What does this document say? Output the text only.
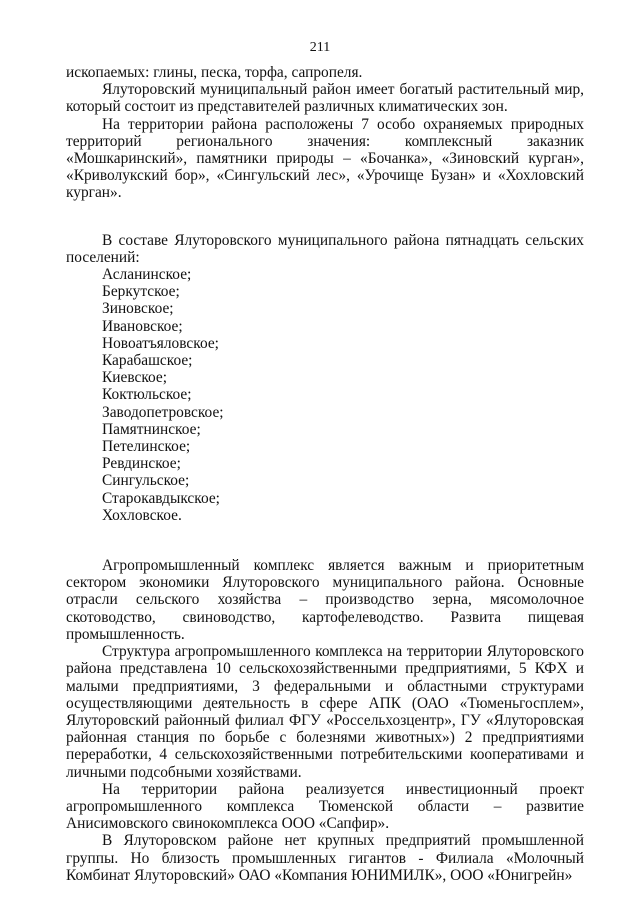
211

ископаемых: глины, песка, торфа, сапропеля.

Ялуторовский муниципальный район имеет богатый растительный мир, который состоит из представителей различных климатических зон.

На территории района расположены 7 особо охраняемых природных территорий регионального значения: комплексный заказник «Мошкаринский», памятники природы – «Бочанка», «Зиновский курган», «Криволукский бор», «Сингульский лес», «Урочище Бузан» и «Хохловский курган».

В составе Ялуторовского муниципального района пятнадцать сельских поселений:

Асланинское;
Беркутское;
Зиновское;
Ивановское;
Новоатъяловское;
Карабашское;
Киевское;
Коктюльское;
Заводопетровское;
Памятнинское;
Петелинское;
Ревдинское;
Сингульское;
Старокавдыкское;
Хохловское.

Агропромышленный комплекс является важным и приоритетным сектором экономики Ялуторовского муниципального района. Основные отрасли сельского хозяйства – производство зерна, мясомолочное скотоводство, свиноводство, картофелеводство. Развита пищевая промышленность.

Структура агропромышленного комплекса на территории Ялуторовского района представлена 10 сельскохозяйственными предприятиями, 5 КФХ и малыми предприятиями, 3 федеральными и областными структурами осуществляющими деятельность в сфере АПК (ОАО «Тюменьгосплем», Ялуторовский районный филиал ФГУ «Россельхозцентр», ГУ «Ялуторовская районная станция по борьбе с болезнями животных») 2 предприятиями переработки, 4 сельскохозяйственными потребительскими кооперативами и личными подсобными хозяйствами.

На территории района реализуется инвестиционный проект агропромышленного комплекса Тюменской области – развитие Анисимовского свинокомплекса ООО «Сапфир».

В Ялуторовском районе нет крупных предприятий промышленной группы. Но близость промышленных гигантов - Филиала «Молочный Комбинат Ялуторовский» ОАО «Компания ЮНИМИЛК», ООО «Юнигрейн»
